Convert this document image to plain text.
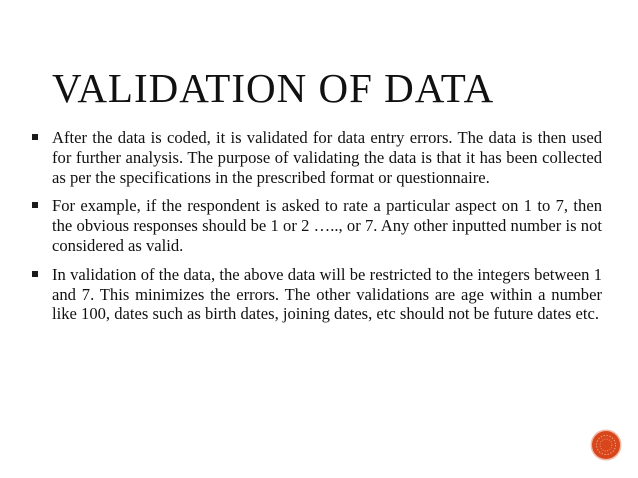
VALIDATION OF DATA
After the data is coded, it is validated for data entry errors. The data is then used for further analysis. The purpose of validating the data is that it has been collected as per the specifications in the prescribed format or questionnaire.
For example, if the respondent is asked to rate a particular aspect on 1 to 7, then the obvious responses should be 1 or 2 ….., or 7. Any other inputted number is not considered as valid.
In validation of the data, the above data will be restricted to the integers between 1 and 7. This minimizes the errors. The other validations are age within a number like 100, dates such as birth dates, joining dates, etc should not be future dates etc.
